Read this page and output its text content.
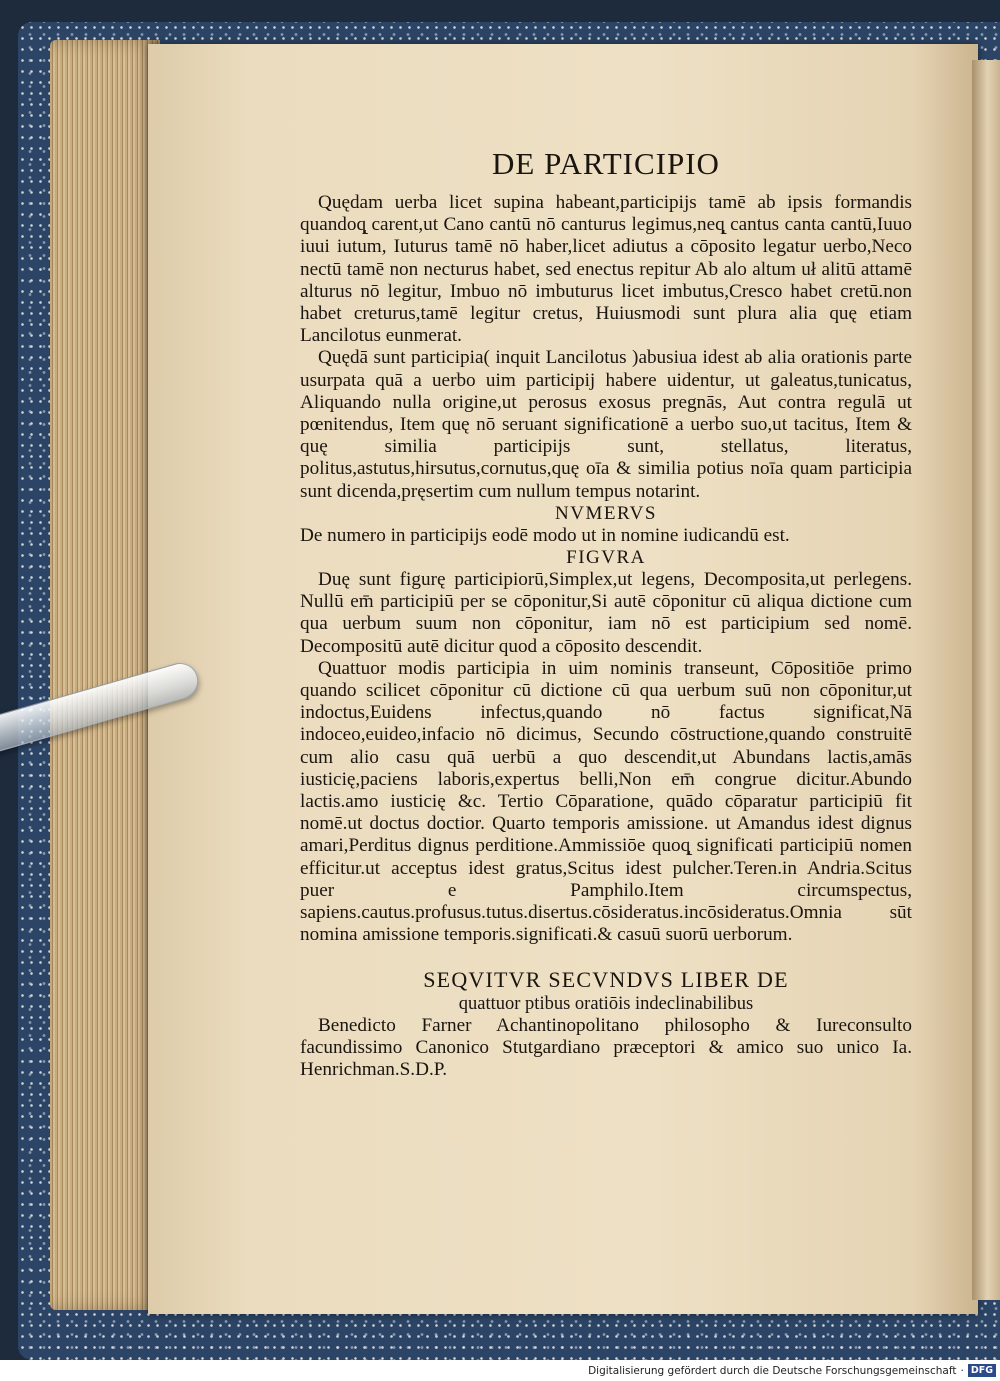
DE PARTICIPIO

Quędam uerba licet supina habeant,participijs tamē ab ipsis formandis quandoq̨ carent,ut Cano cantū nō canturus legimus,neq̨ cantus canta cantū,Iuuo iuui iutum, Iuturus tamē nō haber,licet adiutus a cōposito legatur uerbo,Neco nectū tamē non necturus habet, sed enectus repitur Ab alo altum uł alitū attamē alturus nō legitur, Imbuo nō imbuturus licet imbutus,Cresco habet cretū.non habet creturus,tamē legitur cretus, Huiusmodi sunt plura alia quę etiam Lancilotus eunmerat.

Quędā sunt participia( inquit Lancilotus )abusiua idest ab alia orationis parte usurpata quā a uerbo uim participij habere uidentur, ut galeatus,tunicatus, Aliquando nulla origine,ut perosus exosus pregnās, Aut contra regulā ut pœnitendus, Item quę nō seruant significationē a uerbo suo,ut tacitus, Item & quę similia participijs sunt, stellatus, literatus, politus,astutus,hirsutus,cornutus,quę oīa & similia potius noīa quam participia sunt dicenda,pręsertim cum nullum tempus notarint.

NVMERVS

De numero in participijs eodē modo ut in nomine iudicandū est.

FIGVRA

Duę sunt figurę participiorū,Simplex,ut legens, Decomposita,ut perlegens. Nullū em̄ participiū per se cōponitur,Si autē cōponitur cū aliqua dictione cum qua uerbum suum non cōponitur, iam nō est participium sed nomē. Decompositū autē dicitur quod a cōposito descendit.

Quattuor modis participia in uim nominis transeunt, Cōpositiōe primo quando scilicet cōponitur cū dictione cū qua uerbum suū non cōponitur,ut indoctus,Euidens infectus,quando nō factus significat,Nā indoceo,euideo,infacio nō dicimus, Secundo cōstructione,quando construitē cum alio casu quā uerbū a quo descendit,ut Abundans lactis,amās iusticię,paciens laboris,expertus belli,Non em̄ congrue dicitur.Abundo lactis.amo iusticię &c. Tertio Cōparatione, quādo cōparatur participiū fit nomē.ut doctus doctior. Quarto temporis amissione. ut Amandus idest dignus amari,Perditus dignus perditione.Ammissiōe quoq̨ significati participiū nomen efficitur.ut acceptus idest gratus,Scitus idest pulcher.Teren.in Andria.Scitus puer e Pamphilo.Item circumspectus, sapiens.cautus.profusus.tutus.disertus.cōsideratus.incōsideratus.Omnia sūt nomina amissione temporis.significati.& casuū suorū uerborum.

SEQVITVR SECVNDVS LIBER DE
quattuor ptibus oratiōis indeclinabilibus

Benedicto Farner Achantinopolitano philosopho & Iureconsulto facundissimo Canonico Stutgardiano præceptori & amico suo unico Ia. Henrichman.S.D.P.

Digitalisierung gefördert durch die Deutsche Forschungsgemeinschaft · DFG
